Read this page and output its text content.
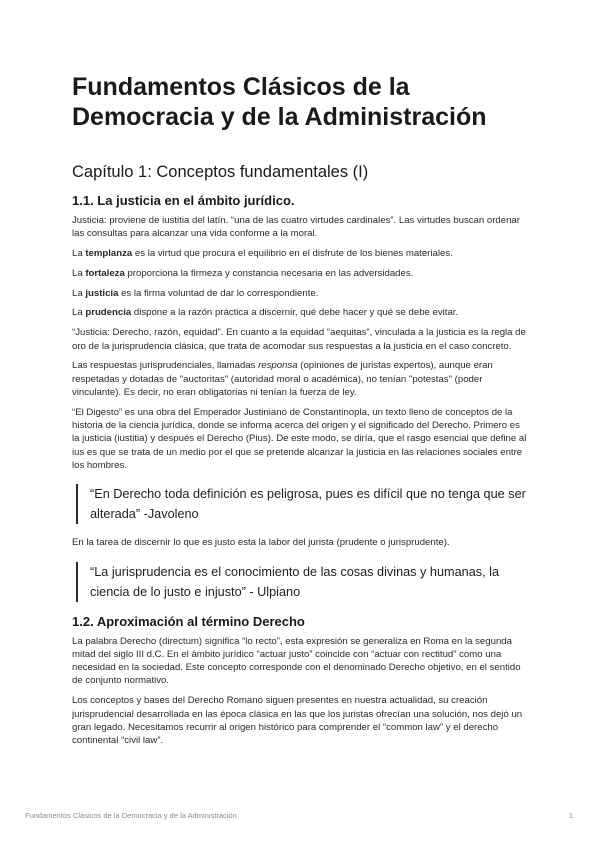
Fundamentos Clásicos de la Democracia y de la Administración
Capítulo 1: Conceptos fundamentales (I)
1.1. La justicia en el ámbito jurídico.

Justicia: proviene de iustitia del latín. “una de las cuatro virtudes cardinales”. Las virtudes buscan ordenar las consultas para alcanzar una vida conforme a la moral.

La templanza es la virtud que procura el equilibrio en el disfrute de los bienes materiales.

La fortaleza proporciona la firmeza y constancia necesaria en las adversidades.

La justicia es la firma voluntad de dar lo correspondiente.

La prudencia dispone a la razón práctica a discernir, qué debe hacer y qué se debe evitar.

“Justicia: Derecho, razón, equidad”. En cuanto a la equidad “aequitas”, vinculada a la justicia es la regla de oro de la jurisprudencia clásica, que trata de acomodar sus respuestas a la justicia en el caso concreto.

Las respuestas jurisprudenciales, llamadas responsa (opiniones de juristas expertos), aunque eran respetadas y dotadas de "auctoritas" (autoridad moral o académica), no tenían "potestas" (poder vinculante). Es decir, no eran obligatorias ni tenían la fuerza de ley.

“El Digesto” es una obra del Emperador Justiniano de Constantinopla, un texto lleno de conceptos de la historia de la ciencia jurídica, donde se informa acerca del origen y el significado del Derecho. Primero es la justicia (iustitia) y después el Derecho (Pius). De este modo, se diría, que el rasgo esencial que define al ius es que se trata de un medio por el que se pretende alcanzar la justicia en las relaciones sociales entre los hombres.

“En Derecho toda definición es peligrosa, pues es difícil que no tenga que ser alterada” -Javoleno

En la tarea de discernir lo que es justo esta la labor del jurista (prudente o jurisprudente).

“La jurisprudencia es el conocimiento de las cosas divinas y humanas, la ciencia de lo justo e injusto” - Ulpiano
1.2. Aproximación al término Derecho

La palabra Derecho (directum) significa “lo recto”, esta expresión se generaliza en Roma en la segunda mitad del siglo III d.C. En el ámbito jurídico “actuar justo” coincide con “actuar con rectitud” como una necesidad en la sociedad. Este concepto corresponde con el denominado Derecho objetivo, en el sentido de conjunto normativo.

Los conceptos y bases del Derecho Romano siguen presentes en nuestra actualidad, su creación jurisprudencial desarrollada en las época clásica en las que los juristas ofrecían una solución, nos dejó un gran legado. Necesitamos recurrir al origen histórico para comprender el “common law” y el derecho continental “civil law”.

Fundamentos Clásicos de la Democracia y de la Administración	1
